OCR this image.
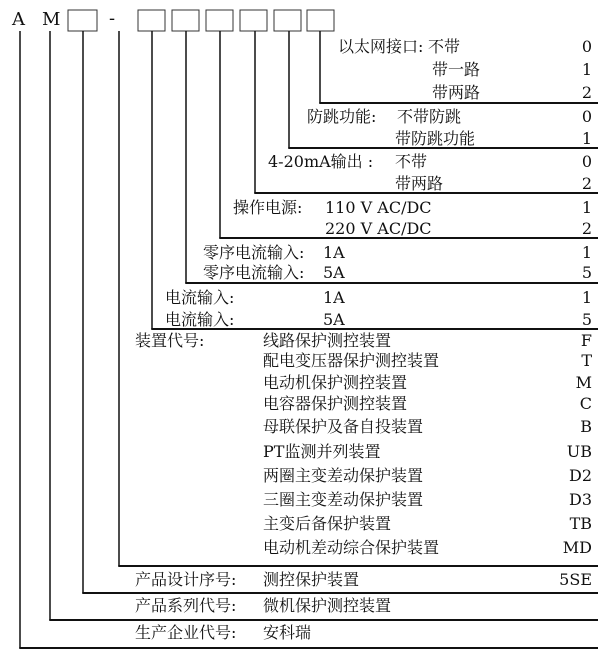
A M	-
以太网接口: 不带	0
带一路	1
带两路	2
防跳功能: 不带防跳	0
带防跳功能	1
4-20mA输出 : 不带	0
带两路	2
操作电源: 110 V AC/DC	1
220 V AC/DC	2
零序电流输入: 1A	1
零序电流输入: 5A	5
电流输入:	1A	1
电流输入:	5A	5
装置代号:	线路保护测控装置	F
配电变压器保护测控装置	T
电动机保护测控装置	M
电容器保护测控装置	C
母联保护及备自投装置	B
PT监测并列装置	UB
两圈主变差动保护装置	D2
三圈主变差动保护装置	D3
主变后备保护装置	TB
电动机差动综合保护装置	MD
产品设计序号: 测控保护装置	5SE
产品系列代号: 微机保护测控装置
生产企业代号: 安科瑞
